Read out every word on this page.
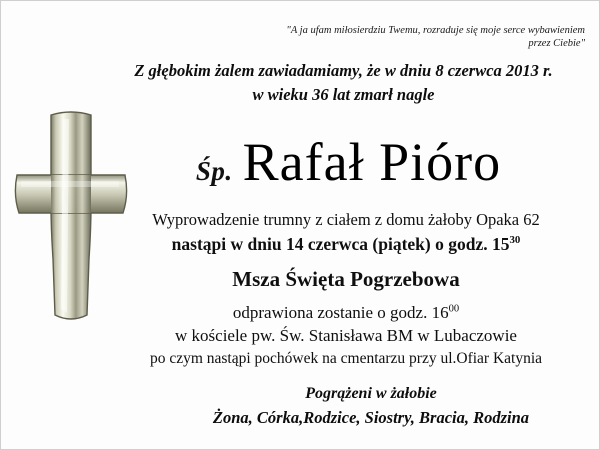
"A ja ufam miłosierdziu Twemu, rozraduje się moje serce wybawieniem przez Ciebie"
Z głębokim żalem zawiadamiamy, że w dniu 8 czerwca 2013 r.
w wieku 36 lat zmarł nagle
Śp. Rafał Pióro
Wyprowadzenie trumny z ciałem z domu żałoby Opaka 62
nastąpi w dniu 14 czerwca (piątek) o godz. $15^{30}$
Msza Święta Pogrzebowa
odprawiona zostanie o godz. $16^{00}$
w kościele pw. Św. Stanisława BM w Lubaczowie
po czym nastąpi pochówek na cmentarzu przy ul.Ofiar Katynia
Pogrążeni w żałobie
Żona, Córka,Rodzice, Siostry, Bracia, Rodzina
